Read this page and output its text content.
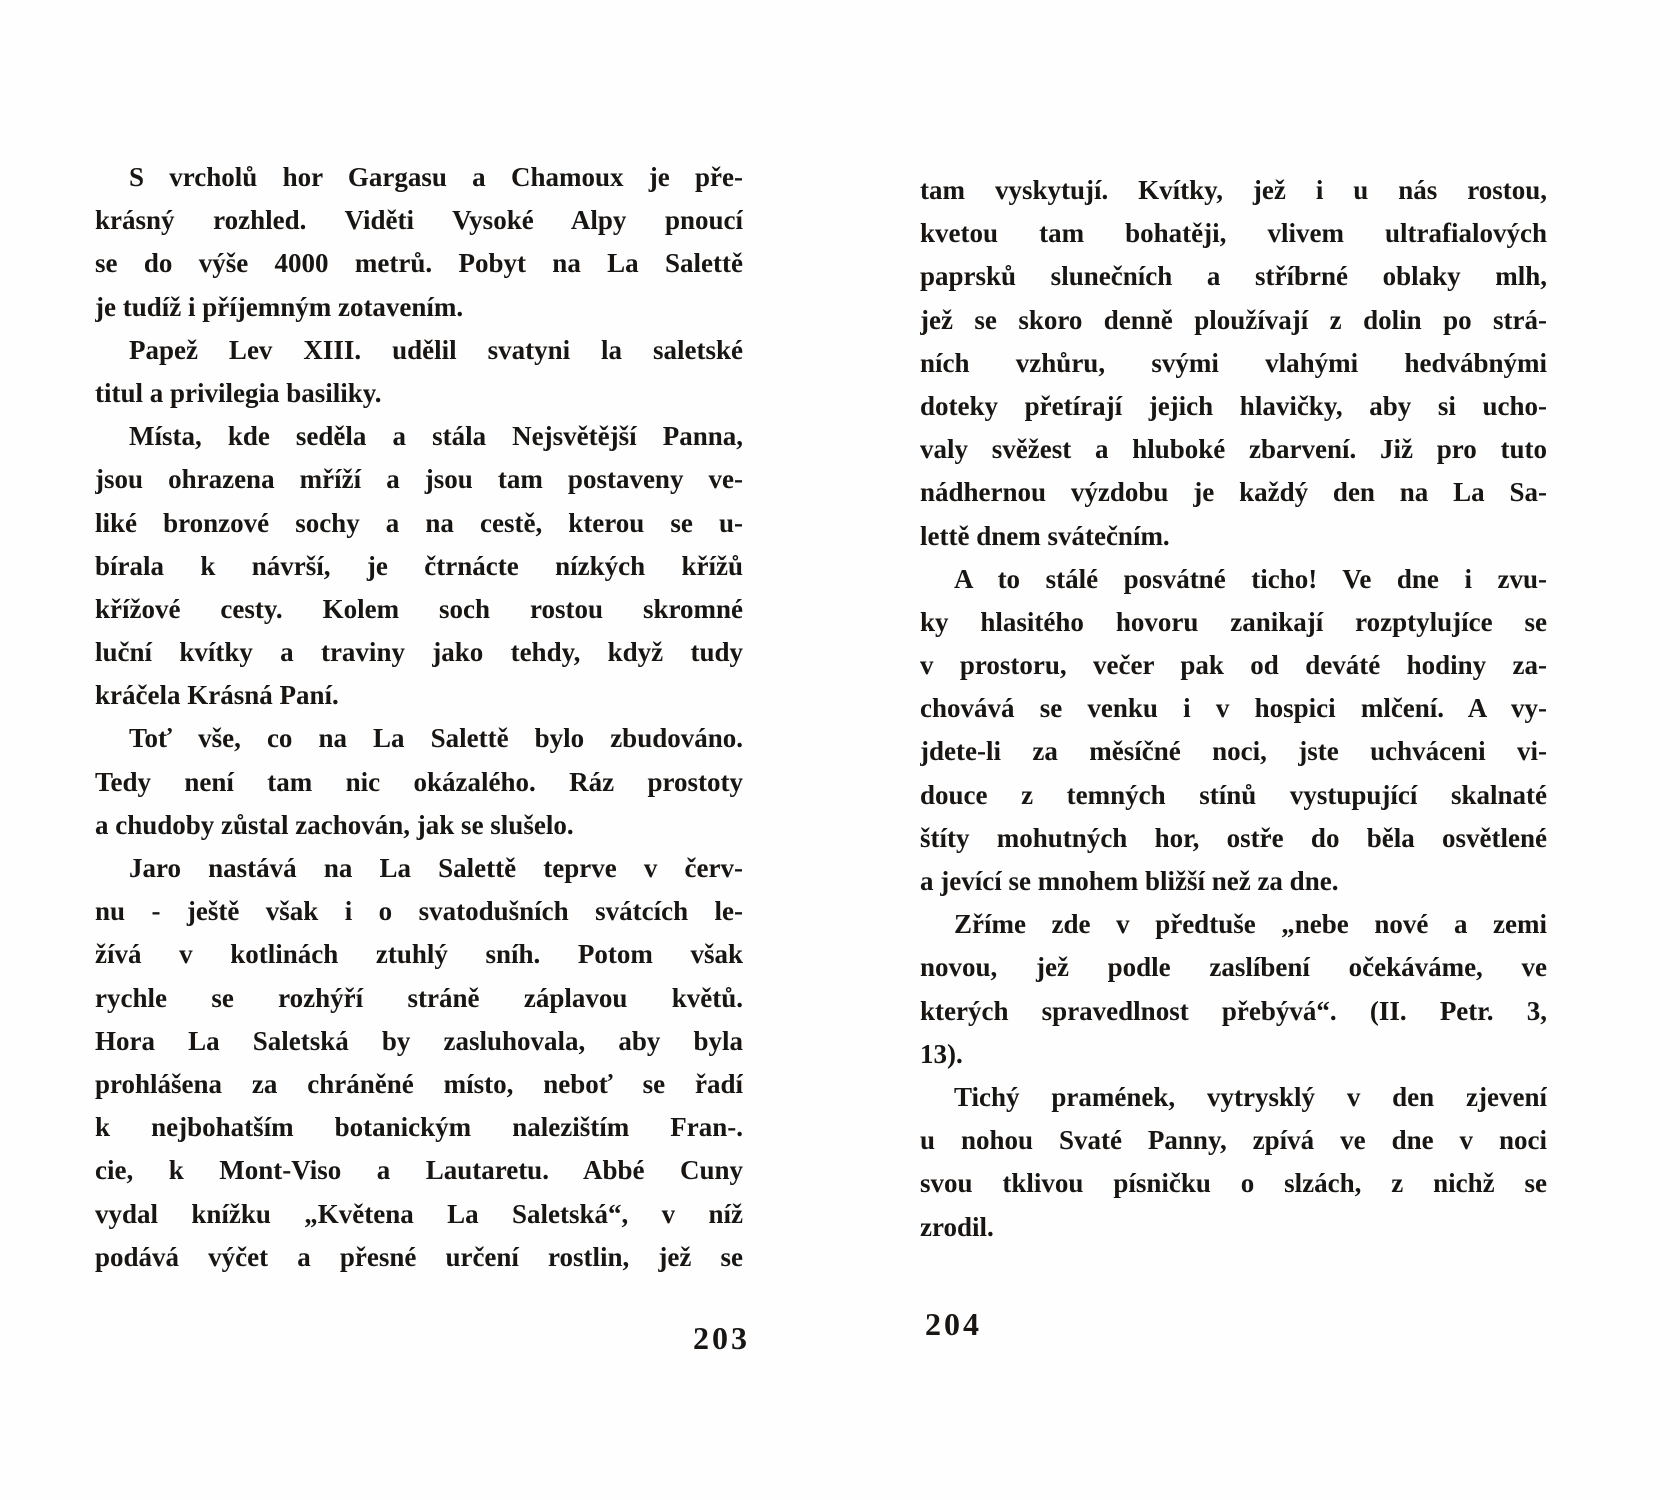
S vrcholů hor Gargasu a Chamoux je pře-
krásný rozhled. Viděti Vysoké Alpy pnoucí
se do výše 4000 metrů. Pobyt na La Salettě
je tudíž i příjemným zotavením.
Papež Lev XIII. udělil svatyni la saletské
titul a privilegia basiliky.
Místa, kde seděla a stála Nejsvětější Panna,
jsou ohrazena mříží a jsou tam postaveny ve-
liké bronzové sochy a na cestě, kterou se u-
bírala k návrší, je čtrnácte nízkých křížů
křížové cesty. Kolem soch rostou skromné
luční kvítky a traviny jako tehdy, když tudy
kráčela Krásná Paní.
Toť vše, co na La Salettě bylo zbudováno.
Tedy není tam nic okázalého. Ráz prostoty
a chudoby zůstal zachován, jak se slušelo.
Jaro nastává na La Salettě teprve v červ-
nu - ještě však i o svatodušních svátcích le-
žívá v kotlinách ztuhlý sníh. Potom však
rychle se rozhýří stráně záplavou květů.
Hora La Saletská by zasluhovala, aby byla
prohlášena za chráněné místo, neboť se řadí
k nejbohatším botanickým nalezištím Fran-.
cie, k Mont-Viso a Lautaretu. Abbé Cuny
vydal knížku „Květena La Saletská“, v níž
podává výčet a přesné určení rostlin, jež se
203
tam vyskytují. Kvítky, jež i u nás rostou,
kvetou tam bohatěji, vlivem ultrafialových
paprsků slunečních a stříbrné oblaky mlh,
jež se skoro denně ploužívají z dolin po strá-
ních vzhůru, svými vlahými hedvábnými
doteky přetírají jejich hlavičky, aby si ucho-
valy svěžest a hluboké zbarvení. Již pro tuto
nádhernou výzdobu je každý den na La Sa-
lettě dnem svátečním.
A to stálé posvátné ticho! Ve dne i zvu-
ky hlasitého hovoru zanikají rozptylujíce se
v prostoru, večer pak od deváté hodiny za-
chovává se venku i v hospici mlčení. A vy-
jdete-li za měsíčné noci, jste uchváceni vi-
douce z temných stínů vystupující skalnaté
štíty mohutných hor, ostře do běla osvětlené
a jevící se mnohem bližší než za dne.
Zříme zde v předtuše „nebe nové a zemi
novou, jež podle zaslíbení očekáváme, ve
kterých spravedlnost přebývá“. (II. Petr. 3,
13).
Tichý pramének, vytrysklý v den zjevení
u nohou Svaté Panny, zpívá ve dne v noci
svou tklivou písničku o slzách, z nichž se
zrodil.
204
